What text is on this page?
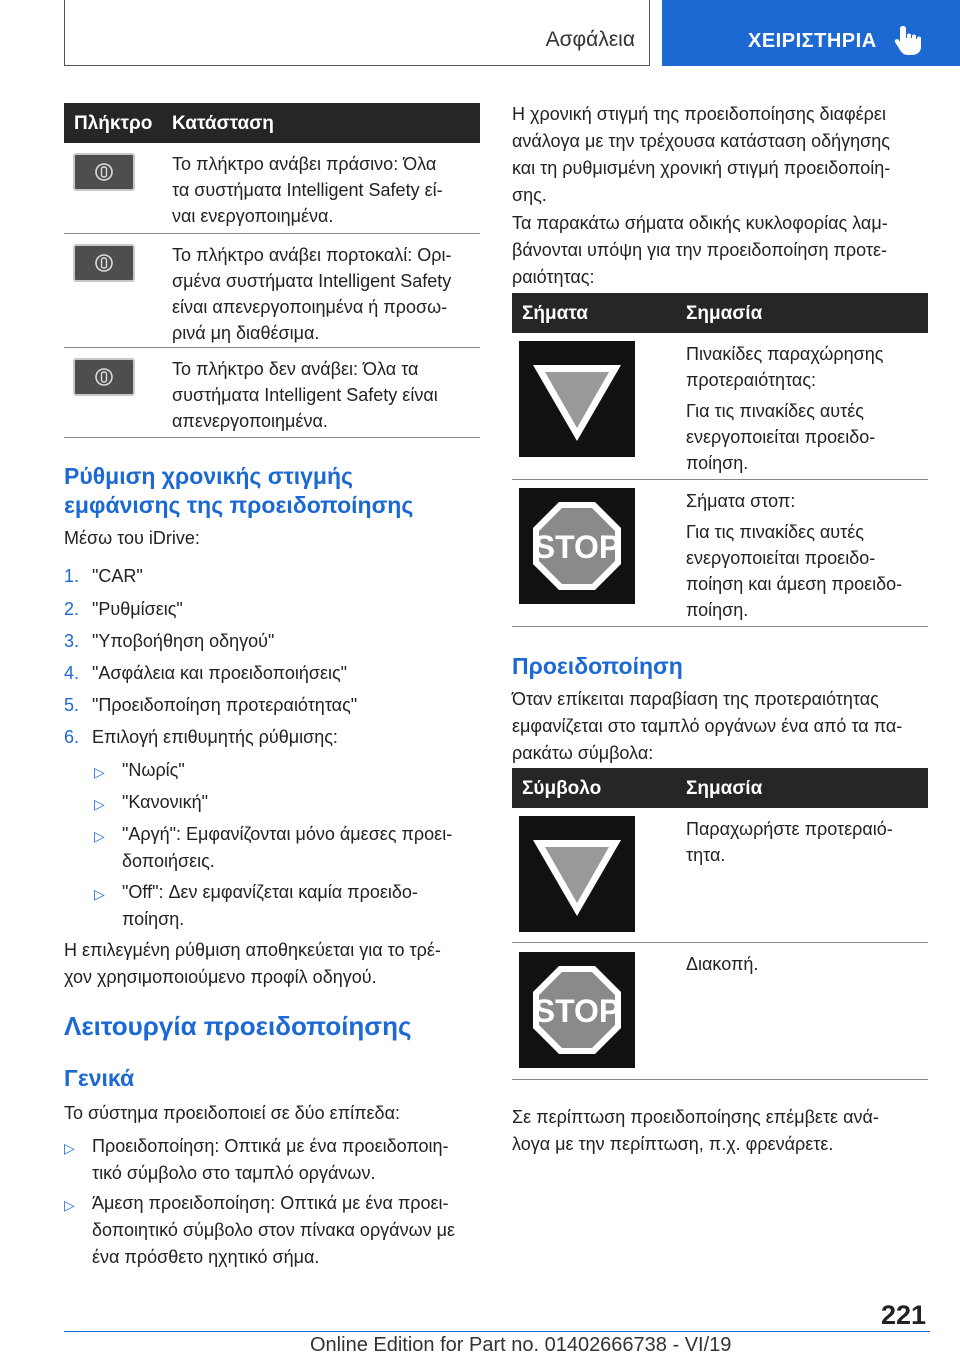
Ασφάλεια	ΧΕΙΡΙΣΤΗΡΙΑ
Πλήκτρο Κατάσταση
Το πλήκτρο ανάβει πράσινο: Όλα
τα συστήματα Intelligent Safety εί-
ναι ενεργοποιημένα.
Το πλήκτρο ανάβει πορτοκαλί: Ορι-
σμένα συστήματα Intelligent Safety
είναι απενεργοποιημένα ή προσω-
ρινά μη διαθέσιμα.
Το πλήκτρο δεν ανάβει: Όλα τα
συστήματα Intelligent Safety είναι
απενεργοποιημένα.
Ρύθμιση χρονικής στιγμής
εμφάνισης της προειδοποίησης
Μέσω του iDrive:
1. "CAR"
2. "Ρυθμίσεις"
3. "Υποβοήθηση οδηγού"
4. "Ασφάλεια και προειδοποιήσεις"
5. "Προειδοποίηση προτεραιότητας"
6. Επιλογή επιθυμητής ρύθμισης:
▷ "Νωρίς"
▷ "Κανονική"
▷ "Αργή": Εμφανίζονται μόνο άμεσες προει-
δοποιήσεις.
▷ "Off": Δεν εμφανίζεται καμία προειδο-
ποίηση.
Η επιλεγμένη ρύθμιση αποθηκεύεται για το τρέ-
χον χρησιμοποιούμενο προφίλ οδηγού.
Λειτουργία προειδοποίησης
Γενικά
Το σύστημα προειδοποιεί σε δύο επίπεδα:
▷ Προειδοποίηση: Οπτικά με ένα προειδοποιη-
τικό σύμβολο στο ταμπλό οργάνων.
▷ Άμεση προειδοποίηση: Οπτικά με ένα προει-
δοποιητικό σύμβολο στον πίνακα οργάνων με
ένα πρόσθετο ηχητικό σήμα.
Η χρονική στιγμή της προειδοποίησης διαφέρει
ανάλογα με την τρέχουσα κατάσταση οδήγησης
και τη ρυθμισμένη χρονική στιγμή προειδοποίη-
σης.
Τα παρακάτω σήματα οδικής κυκλοφορίας λαμ-
βάνονται υπόψη για την προειδοποίηση προτε-
ραιότητας:
Σήματα	Σημασία
Πινακίδες παραχώρησης
προτεραιότητας:
Για τις πινακίδες αυτές
ενεργοποιείται προειδο-
ποίηση.
STOP
Σήματα στοπ:
Για τις πινακίδες αυτές
ενεργοποιείται προειδο-
ποίηση και άμεση προειδο-
ποίηση.
Προειδοποίηση
Όταν επίκειται παραβίαση της προτεραιότητας
εμφανίζεται στο ταμπλό οργάνων ένα από τα πα-
ρακάτω σύμβολα:
Σύμβολο	Σημασία
Παραχωρήστε προτεραιό-
τητα.
STOP
Διακοπή.
Σε περίπτωση προειδοποίησης επέμβετε ανά-
λογα με την περίπτωση, π.χ. φρενάρετε.
221
Online Edition for Part no. 01402666738 - VI/19
